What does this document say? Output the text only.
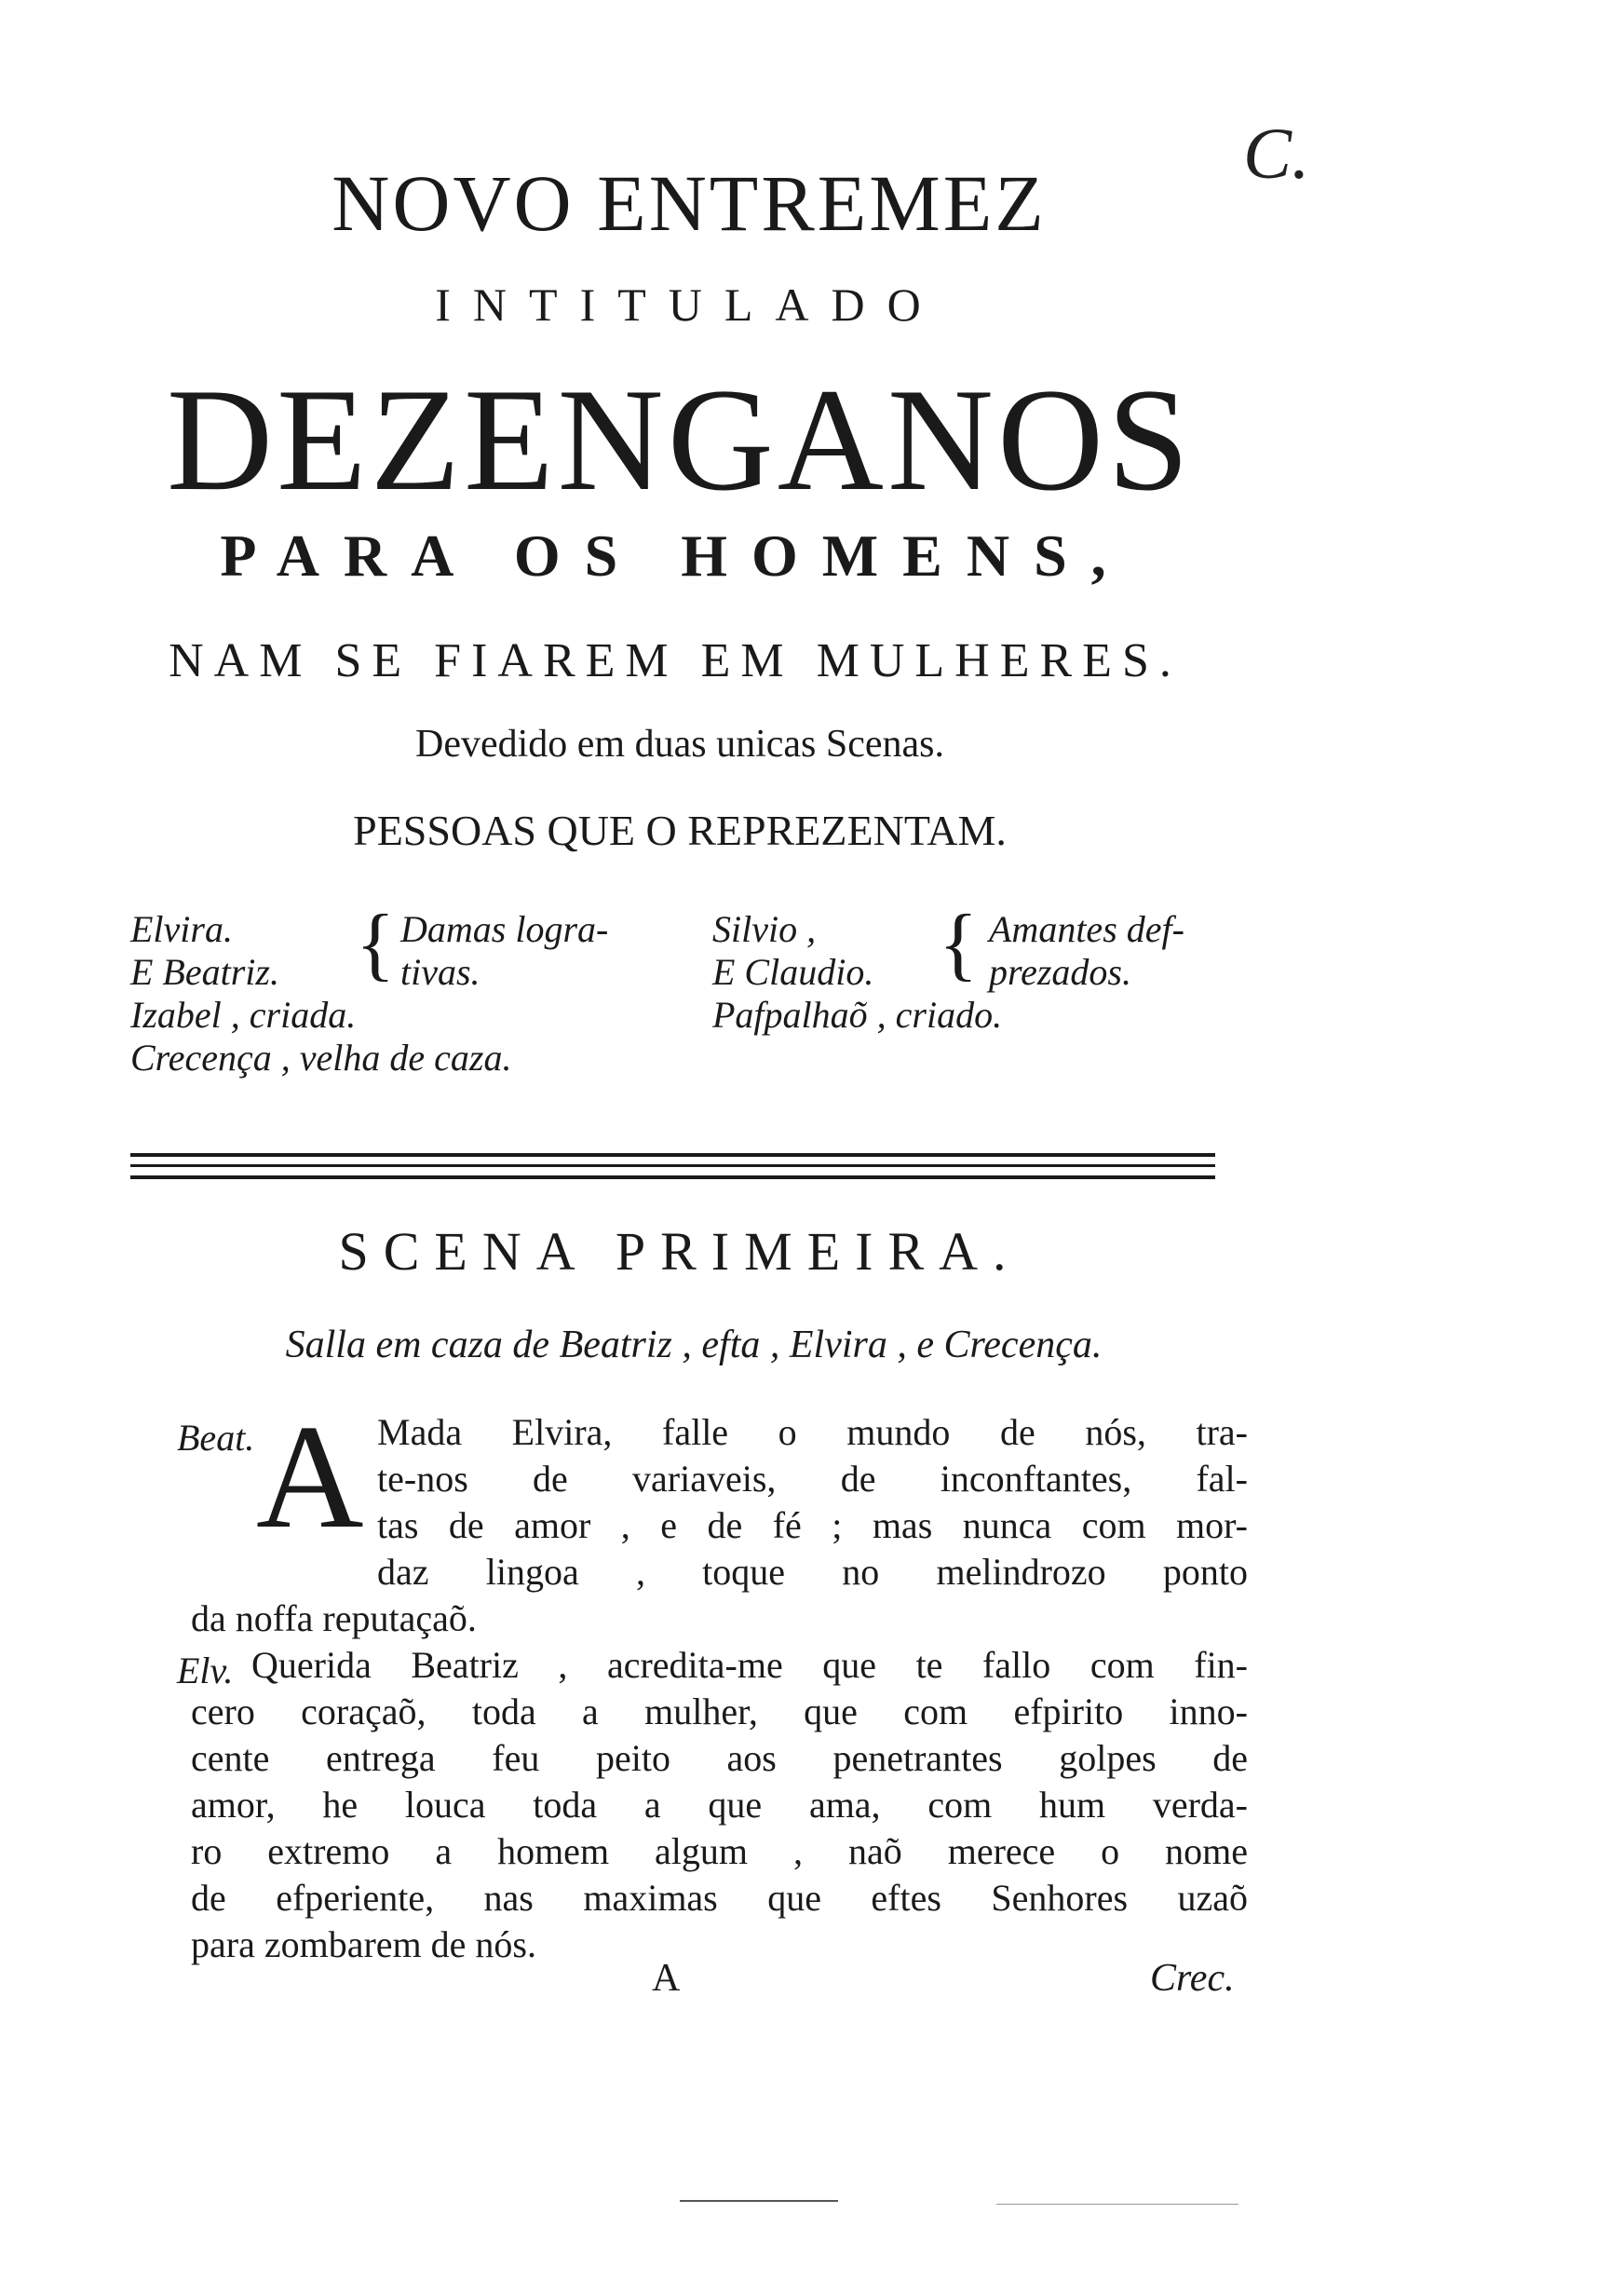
C.
NOVO ENTREMEZ
INTITULADO
DEZENGANOS
PARA OS HOMENS,
NAM SE FIAREM EM MULHERES.
Devedido em duas unicas Scenas.
PESSOAS QUE O REPREZENTAM.
Elvira.
E Beatriz. { Damas logra-
tivas.
Silvio ,
E Claudio. { Amantes def-
prezados.
Izabel , criada.
Crecença , velha de caza.
Pafpalhaõ , criado.
SCENA PRIMEIRA.
Salla em caza de Beatriz , efta , Elvira , e Crecença.
Beat. A Mada Elvira, falle o mundo de nós, tra-
te-nos de variaveis, de inconftantes, fal-
tas de amor , e de fé ; mas nunca com mor-
daz lingoa , toque no melindrozo ponto
da noffa reputaçaõ.
Elv. Querida Beatriz , acredita-me que te fallo com fin-
cero coraçaõ, toda a mulher, que com efpirito inno-
cente entrega feu peito aos penetrantes golpes de
amor, he louca toda a que ama, com hum verda-
ro extremo a homem algum , naõ merece o nome
de efperiente, nas maximas que eftes Senhores uzaõ
para zombarem de nós.
A	Crec.
